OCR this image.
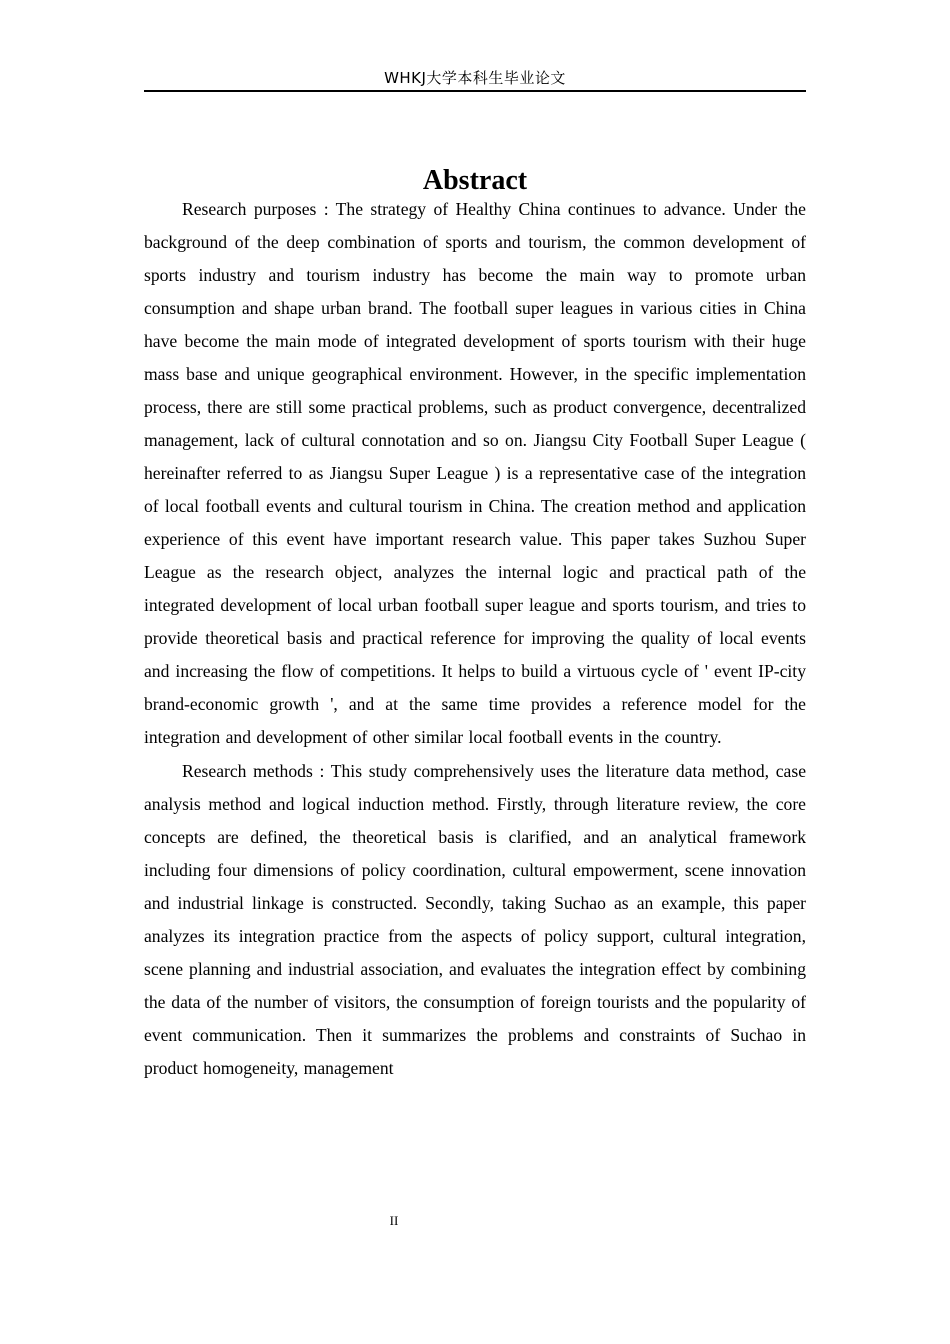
WHKJ大学本科生毕业论文
Abstract

Research purposes : The strategy of Healthy China continues to advance. Under the background of the deep combination of sports and tourism, the common development of sports industry and tourism industry has become the main way to promote urban consumption and shape urban brand. The football super leagues in various cities in China have become the main mode of integrated development of sports tourism with their huge mass base and unique geographical environment. However, in the specific implementation process, there are still some practical problems, such as product convergence, decentralized management, lack of cultural connotation and so on. Jiangsu City Football Super League ( hereinafter referred to as Jiangsu Super League ) is a representative case of the integration of local football events and cultural tourism in China. The creation method and application experience of this event have important research value. This paper takes Suzhou Super League as the research object, analyzes the internal logic and practical path of the integrated development of local urban football super league and sports tourism, and tries to provide theoretical basis and practical reference for improving the quality of local events and increasing the flow of competitions. It helps to build a virtuous cycle of ' event IP-city brand-economic growth ', and at the same time provides a reference model for the integration and development of other similar local football events in the country.

Research methods : This study comprehensively uses the literature data method, case analysis method and logical induction method. Firstly, through literature review, the core concepts are defined, the theoretical basis is clarified, and an analytical framework including four dimensions of policy coordination, cultural empowerment, scene innovation and industrial linkage is constructed. Secondly, taking Suchao as an example, this paper analyzes its integration practice from the aspects of policy support, cultural integration, scene planning and industrial association, and evaluates the integration effect by combining the data of the number of visitors, the consumption of foreign tourists and the popularity of event communication. Then it summarizes the problems and constraints of Suchao in product homogeneity, management

II
